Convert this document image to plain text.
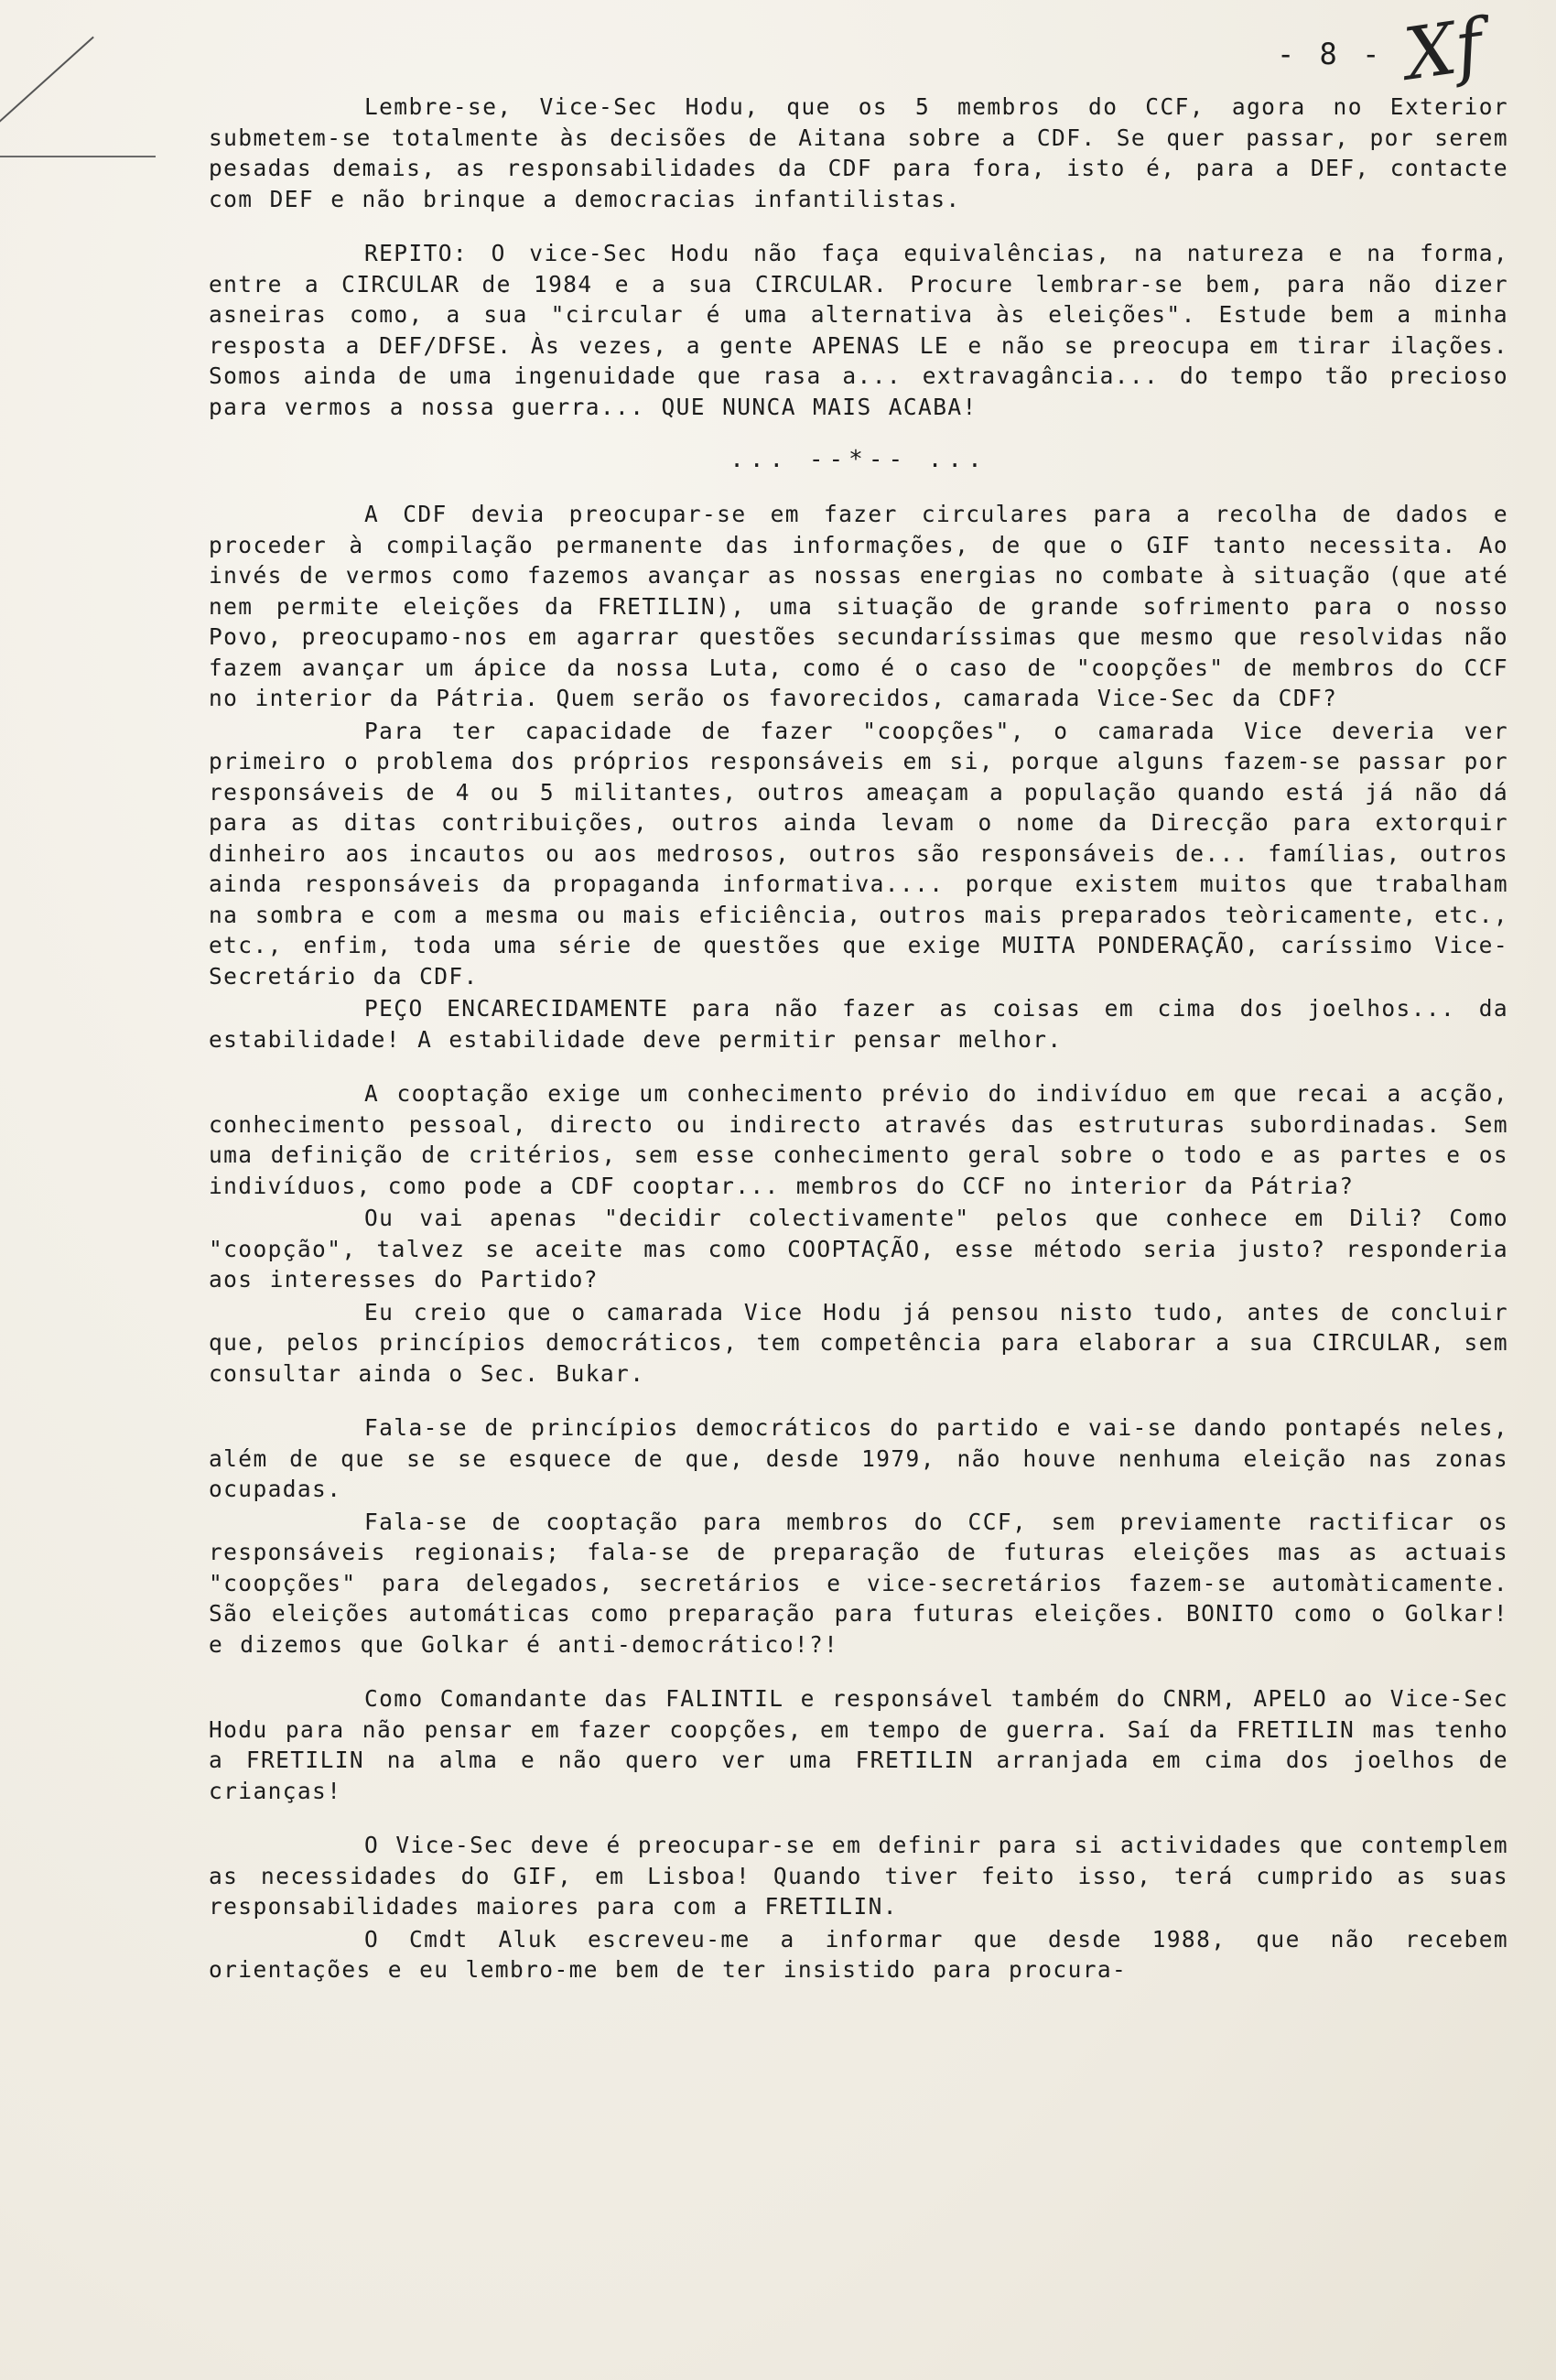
- 8 - Xf

Lembre-se, Vice-Sec Hodu, que os 5 membros do CCF, agora no Exterior submetem-se totalmente às decisões de Aitana sobre a CDF. Se quer passar, por serem pesadas demais, as responsabilidades da CDF para fora, isto é, para a DEF, contacte com DEF e não brinque a democracias infantilistas.

REPITO: O vice-Sec Hodu não faça equivalências, na natureza e na forma, entre a CIRCULAR de 1984 e a sua CIRCULAR. Procure lembrar-se bem, para não dizer asneiras como, a sua "circular é uma alternativa às eleições". Estude bem a minha resposta a DEF/DFSE. Às vezes, a gente APENAS LE e não se preocupa em tirar ilações. Somos ainda de uma ingenuidade que rasa a... extravagância... do tempo tão precioso para vermos a nossa guerra... QUE NUNCA MAIS ACABA!

... --*-- ...

A CDF devia preocupar-se em fazer circulares para a recolha de dados e proceder à compilação permanente das informações, de que o GIF tanto necessita. Ao invés de vermos como fazemos avançar as nossas energias no combate à situação (que até nem permite eleições da FRETILIN), uma situação de grande sofrimento para o nosso Povo, preocupamo-nos em agarrar questões secundaríssimas que mesmo que resolvidas não fazem avançar um ápice da nossa Luta, como é o caso de "coopções" de membros do CCF no interior da Pátria. Quem serão os favorecidos, camarada Vice-Sec da CDF?

Para ter capacidade de fazer "coopções", o camarada Vice deveria ver primeiro o problema dos próprios responsáveis em si, porque alguns fazem-se passar por responsáveis de 4 ou 5 militantes, outros ameaçam a população quando está já não dá para as ditas contribuições, outros ainda levam o nome da Direcção para extorquir dinheiro aos incautos ou aos medrosos, outros são responsáveis de... famílias, outros ainda responsáveis da propaganda informativa.... porque existem muitos que trabalham na sombra e com a mesma ou mais eficiência, outros mais preparados teòricamente, etc., etc., enfim, toda uma série de questões que exige MUITA PONDERAÇÃO, caríssimo Vice-Secretário da CDF.

PEÇO ENCARECIDAMENTE para não fazer as coisas em cima dos joelhos... da estabilidade! A estabilidade deve permitir pensar melhor.

A cooptação exige um conhecimento prévio do indivíduo em que recai a acção, conhecimento pessoal, directo ou indirecto através das estruturas subordinadas. Sem uma definição de critérios, sem esse conhecimento geral sobre o todo e as partes e os indivíduos, como pode a CDF cooptar... membros do CCF no interior da Pátria?

Ou vai apenas "decidir colectivamente" pelos que conhece em Dili? Como "coopção", talvez se aceite mas como COOPTAÇÃO, esse método seria justo? responderia aos interesses do Partido?

Eu creio que o camarada Vice Hodu já pensou nisto tudo, antes de concluir que, pelos princípios democráticos, tem competência para elaborar a sua CIRCULAR, sem consultar ainda o Sec. Bukar.

Fala-se de princípios democráticos do partido e vai-se dando pontapés neles, além de que se se esquece de que, desde 1979, não houve nenhuma eleição nas zonas ocupadas.

Fala-se de cooptação para membros do CCF, sem previamente ractificar os responsáveis regionais; fala-se de preparação de futuras eleições mas as actuais "coopções" para delegados, secretários e vice-secretários fazem-se automàticamente. São eleições automáticas como preparação para futuras eleições. BONITO como o Golkar! e dizemos que Golkar é anti-democrático!?!

Como Comandante das FALINTIL e responsável também do CNRM, APELO ao Vice-Sec Hodu para não pensar em fazer coopções, em tempo de guerra. Saí da FRETILIN mas tenho a FRETILIN na alma e não quero ver uma FRETILIN arranjada em cima dos joelhos de crianças!

O Vice-Sec deve é preocupar-se em definir para si actividades que contemplem as necessidades do GIF, em Lisboa! Quando tiver feito isso, terá cumprido as suas responsabilidades maiores para com a FRETILIN.

O Cmdt Aluk escreveu-me a informar que desde 1988, que não recebem orientações e eu lembro-me bem de ter insistido para procura-
